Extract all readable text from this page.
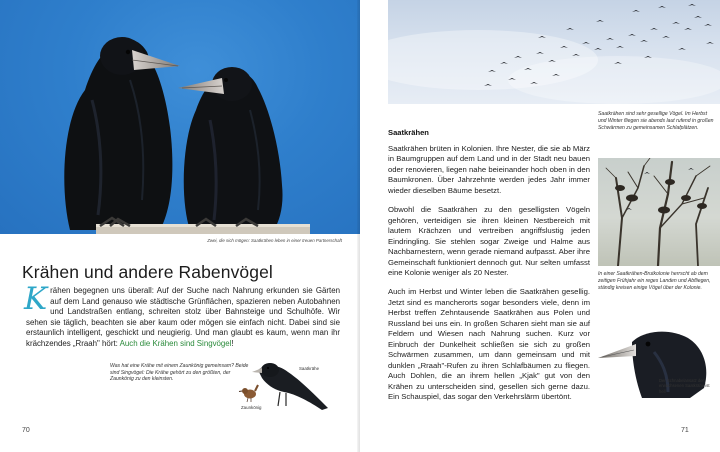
Zwei, die sich mögen: Saatkrähen leben in einer treuen Partnerschaft
Krähen und andere Rabenvögel
Krähen begegnen uns überall: Auf der Suche nach Nahrung erkunden sie Gärten auf dem Land genauso wie städtische Grünflächen, spazieren neben Autobahnen und Landstraßen entlang, schreiten stolz über Bahnsteige und Schulhöfe. Wir sehen sie täglich, beachten sie aber kaum oder mögen sie einfach nicht. Dabei sind sie erstaunlich intelligent, geschickt und neugierig. Und man glaubt es kaum, wenn man ihr krächzendes „Rraah" hört: Auch die Krähen sind Singvögel!
Was hat eine Krähe mit einem Zaunkönig gemeinsam? Beide sind Singvögel: Die Krähe gehört zu den größten, der Zaunkönig zu den kleinsten.
Saatkrähe
Zaunkönig
70
Saatkrähen sind sehr gesellige Vögel. Im Herbst und Winter fliegen sie abends laut rufend in großen Schwärmen zu gemeinsamen Schlafplätzen.
Saatkrähen

Saatkrähen brüten in Kolonien. Ihre Nester, die sie ab März in Baumgruppen auf dem Land und in der Stadt neu bauen oder renovieren, liegen nahe beieinander hoch oben in den Baumkronen. Über Jahrzehnte werden jedes Jahr immer wieder dieselben Bäume besetzt.

Obwohl die Saatkrähen zu den geselligsten Vögeln gehören, verteidigen sie ihren kleinen Nestbereich mit lautem Krächzen und vertreiben angriffslustig jeden Eindringling. Sie stehlen sogar Zweige und Halme aus Nachbarnestern, wenn gerade niemand aufpasst. Aber ihre Gemeinschaft funktioniert dennoch gut. Nur selten umfasst eine Kolonie weniger als 20 Nester.

Auch im Herbst und Winter leben die Saatkrähen gesellig. Jetzt sind es mancherorts sogar besonders viele, denn im Herbst treffen Zehntausende Saatkrähen aus Polen und Russland bei uns ein. In großen Scharen sieht man sie auf Feldern und Wiesen nach Nahrung suchen. Kurz vor Einbruch der Dunkelheit schließen sie sich zu großen Schwärmen zusammen, um dann gemeinsam und mit dunklen „Rraah"-Rufen zu ihren Schlafbäumen zu fliegen. Auch Dohlen, die an ihrem hellen „Kjak" gut von den Krähen zu unterscheiden sind, gesellen sich gerne dazu. Ein Schauspiel, das sogar den Verkehrslärm übertönt.

In einer Saatkrähen-Brutkolonie herrscht ab dem zeitigen Frühjahr ein reges Landen und Abfliegen, ständig kreisen einige Vögel über der Kolonie.
Der Schnabelansatz der erwachsenen Saatkrähe ist hell
71
